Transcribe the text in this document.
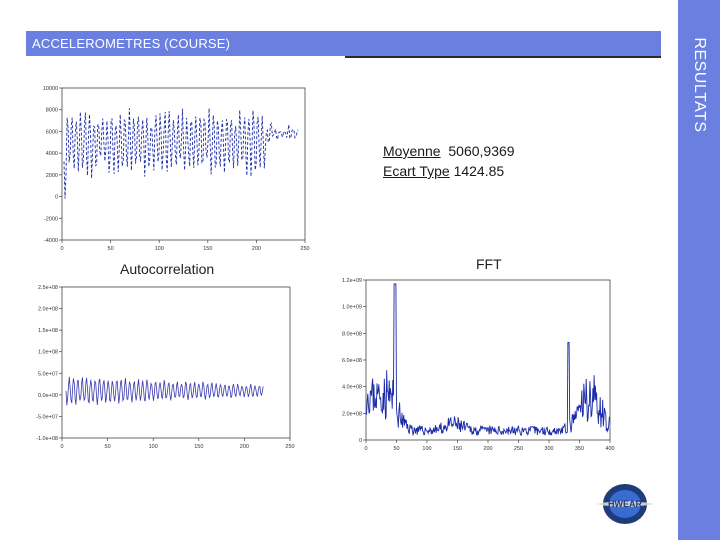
ACCELEROMETRES (COURSE)	RESULTATS
Moyenne 5060,9369
Ecart Type 1424.85
Autocorrelation	FFT
10000
8000
6000
4000
2000
0
-2000
-4000
0	50	100	150	200	250
2.5e+08
2.0e+08
1.5e+08
1.0e+08
5.0e+07
0.0e+00
-5.0e+07
-1.0e+08
0	50	100	150	200	250
1.2e+09
1.0e+09
8.0e+08
6.0e+08
4.0e+08
2.0e+08
0
0	50	100	150	200	250	300	350	400
HWEAR
